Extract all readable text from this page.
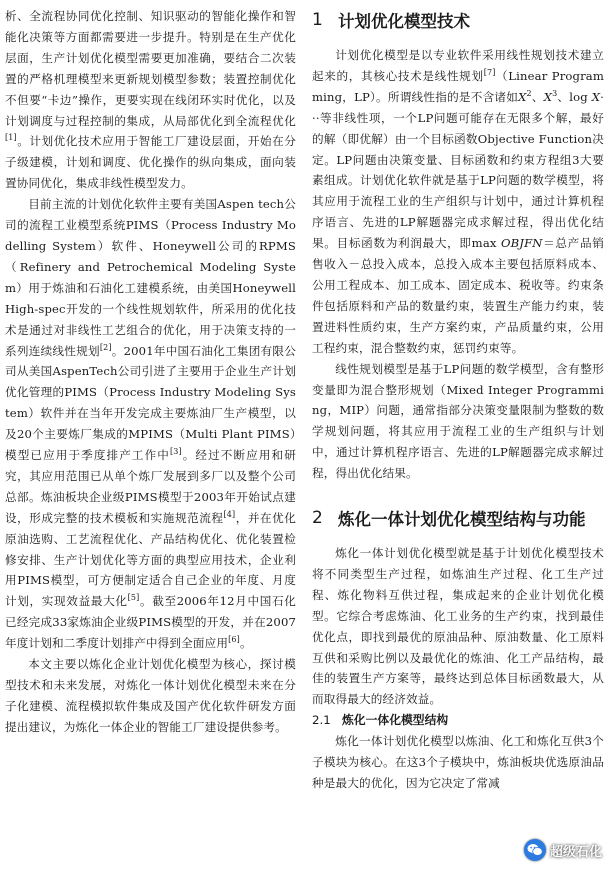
析、全流程协同优化控制、知识驱动的智能化操作和智能化决策等方面都需要进一步提升。特别是在生产优化层面，生产计划优化模型需要更加准确，要结合二次装置的严格机理模型来更新规划模型参数；装置控制优化不但要“卡边”操作，更要实现在线闭环实时优化，以及计划调度与过程控制的集成，从局部优化到全流程优化[1]。计划优化技术应用于智能工厂建设层面，开始在分子级建模，计划和调度、优化操作的纵向集成，面向装置协同优化，集成非线性模型发力。

目前主流的计划优化软件主要有美国Aspen tech公司的流程工业模型系统PIMS（Process Industry Modelling System）软件、Honeywell公司的RPMS（Refinery and Petrochemical Modeling System）用于炼油和石油化工建模系统，由美国Honeywell High-spec开发的一个线性规划软件，所采用的优化技术是通过对非线性工艺组合的优化，用于决策支持的一系列连续线性规划[2]。2001年中国石油化工集团有限公司从美国AspenTech公司引进了主要用于企业生产计划优化管理的PIMS（Process Industry Modeling System）软件并在当年开发完成主要炼油厂生产模型，以及20个主要炼厂集成的MPIMS（Multi Plant PIMS）模型已应用于季度排产工作中[3]。经过不断应用和研究，其应用范围已从单个炼厂发展到多厂以及整个公司总部。炼油板块企业级PIMS模型于2003年开始试点建设，形成完整的技术模板和实施规范流程[4]，并在优化原油选购、工艺流程优化、产品结构优化、优化装置检修安排、生产计划优化等方面的典型应用技术，企业利用PIMS模型，可方便制定适合自己企业的年度、月度计划，实现效益最大化[5]。截至2006年12月中国石化已经完成33家炼油企业级PIMS模型的开发，并在2007年度计划和二季度计划排产中得到全面应用[6]。

本文主要以炼化企业计划优化模型为核心，探讨模型技术和未来发展，对炼化一体计划优化模型未来在分子化建模、流程模拟软件集成及国产优化软件研发方面提出建议，为炼化一体企业的智能工厂建设提供参考。

1 计划优化模型技术

计划优化模型是以专业软件采用线性规划技术建立起来的，其核心技术是线性规划[7]（Linear Programming，LP）。所谓线性指的是不含诸如$X^2$、$X^3$、log X···等非线性项，一个LP问题可能存在无限多个解，最好的解（即优解）由一个目标函数Objective Function决定。LP问题由决策变量、目标函数和约束方程组3大要素组成。计划优化软件就是基于LP问题的数学模型，将其应用于流程工业的生产组织与计划中，通过计算机程序语言、先进的LP解题器完成求解过程，得出优化结果。目标函数为利润最大，即max OBJFN＝总产品销售收入－总投入成本，总投入成本主要包括原料成本、公用工程成本、加工成本、固定成本、税收等。约束条件包括原料和产品的数量约束，装置生产能力约束，装置进料性质约束，生产方案约束，产品质量约束，公用工程约束，混合整数约束，惩罚约束等。

线性规划模型是基于LP问题的数学模型，含有整形变量即为混合整形规划（Mixed Integer Programming，MIP）问题，通常指部分决策变量限制为整数的数学规划问题，将其应用于流程工业的生产组织与计划中，通过计算机程序语言、先进的LP解题器完成求解过程，得出优化结果。

2 炼化一体计划优化模型结构与功能

炼化一体计划优化模型就是基于计划优化模型技术将不同类型生产过程，如炼油生产过程、化工生产过程、炼化物料互供过程，集成起来的企业计划优化模型。它综合考虑炼油、化工业务的生产约束，找到最佳优化点，即找到最优的原油品种、原油数量、化工原料互供和采购比例以及最优化的炼油、化工产品结构，最佳的装置生产方案等，最终达到总体目标函数最大，从而取得最大的经济效益。

2.1 炼化一体化模型结构

炼化一体计划优化模型以炼油、化工和炼化互供3个子模块为核心。在这3个子模块中，炼油板块优选原油品种是最大的优化，因为它决定了常减

超级石化
